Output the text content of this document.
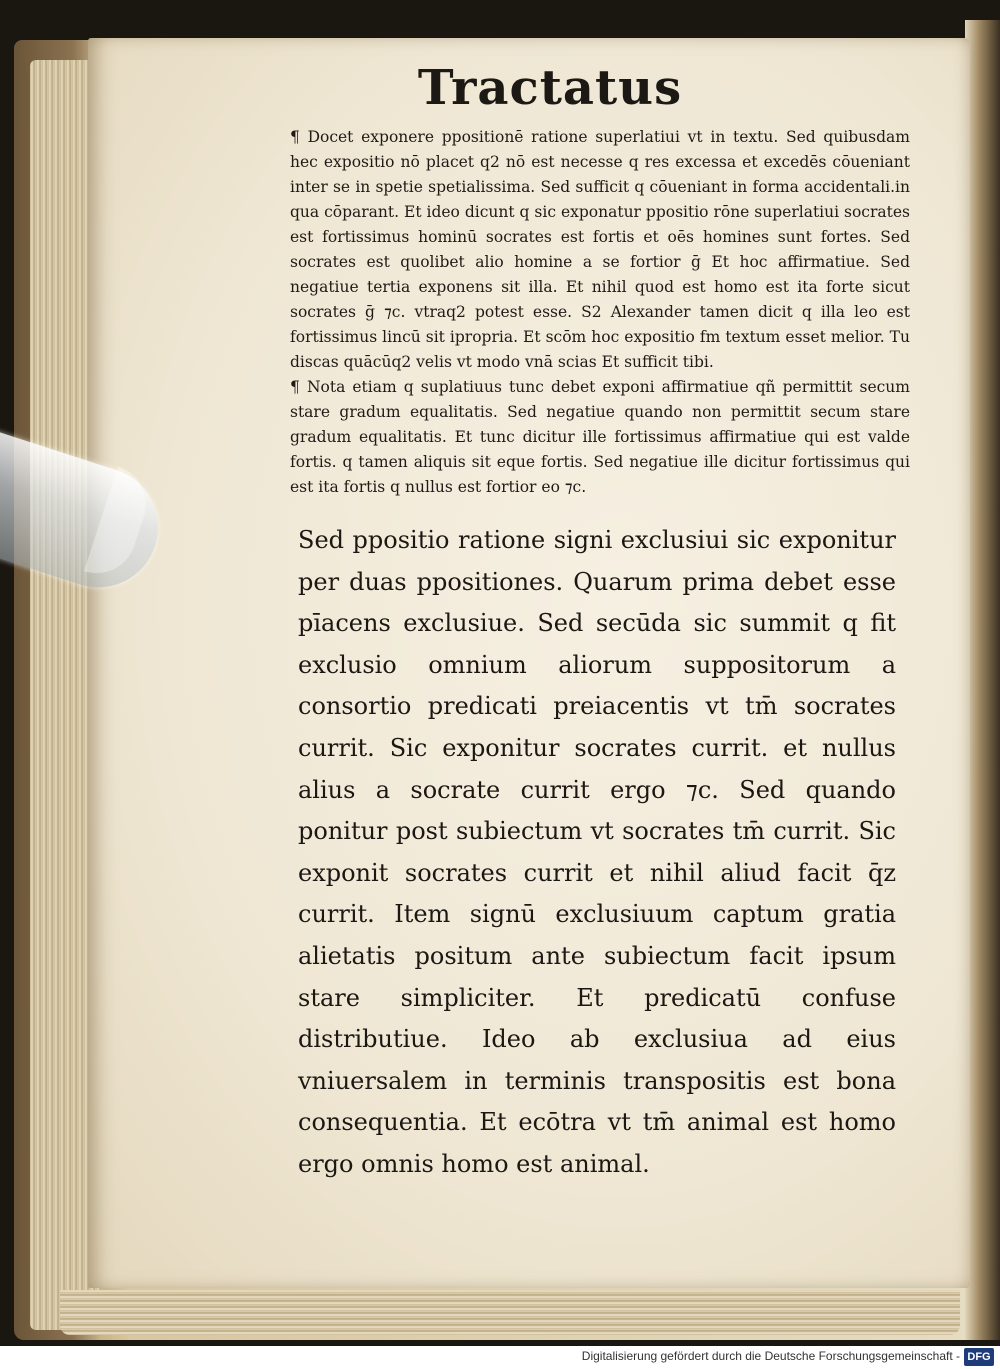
Tractatus

¶ Docet exponere ppositionē ratione superlatiui vt in textu. Sed quibusdam hec expositio nō placet q2 nō est necesse q res excessa et excedēs cōueniant inter se in spetie spetialissima. Sed sufficit q cōueniant in forma accidentali.in qua cōparant. Et ideo dicunt q sic exponatur ppositio rōne superlatiui socrates est fortissimus hominū socrates est fortis et oēs homines sunt fortes. Sed socrates est quolibet alio homine a se fortior ḡ Et hoc affirmatiue. Sed negatiue tertia exponens sit illa. Et nihil quod est homo est ita forte sicut socrates ḡ ⁊c. vtraq2 potest esse. S2 Alexander tamen dicit q illa leo est fortissimus lincū sit ipropria. Et scōm hoc expositio fm textum esset melior. Tu discas quācūq2 velis vt modo vnā scias Et sufficit tibi.

¶ Nota etiam q suplatiuus tunc debet exponi affirmatiue qñ permittit secum stare gradum equalitatis. Sed negatiue quando non permittit secum stare gradum equalitatis. Et tunc dicitur ille fortissimus affirmatiue qui est valde fortis. q tamen aliquis sit eque fortis. Sed negatiue ille dicitur fortissimus qui est ita fortis q nullus est fortior eo ⁊c.

Sed ppositio ratione signi exclusiui sic exponitur per duas ppositiones. Quarum prima debet esse pīacens exclusiue. Sed secūda sic summit q fit exclusio omnium aliorum suppositorum a consortio predicati preiacentis vt tm̄ socrates currit. Sic exponitur socrates currit. et nullus alius a socrate currit ergo ⁊c. Sed quando ponitur post subiectum vt socrates tm̄ currit. Sic exponit socrates currit et nihil aliud facit q̄z currit. Item signū exclusiuum captum gratia alietatis positum ante subiectum facit ipsum stare simpliciter. Et predicatū confuse distributiue. Ideo ab exclusiua ad eius vniuersalem in terminis transpositis est bona consequentia. Et ecōtra vt tm̄ animal est homo ergo omnis homo est animal.
Digitalisierung gefördert durch die Deutsche Forschungsgemeinschaft - DFG
